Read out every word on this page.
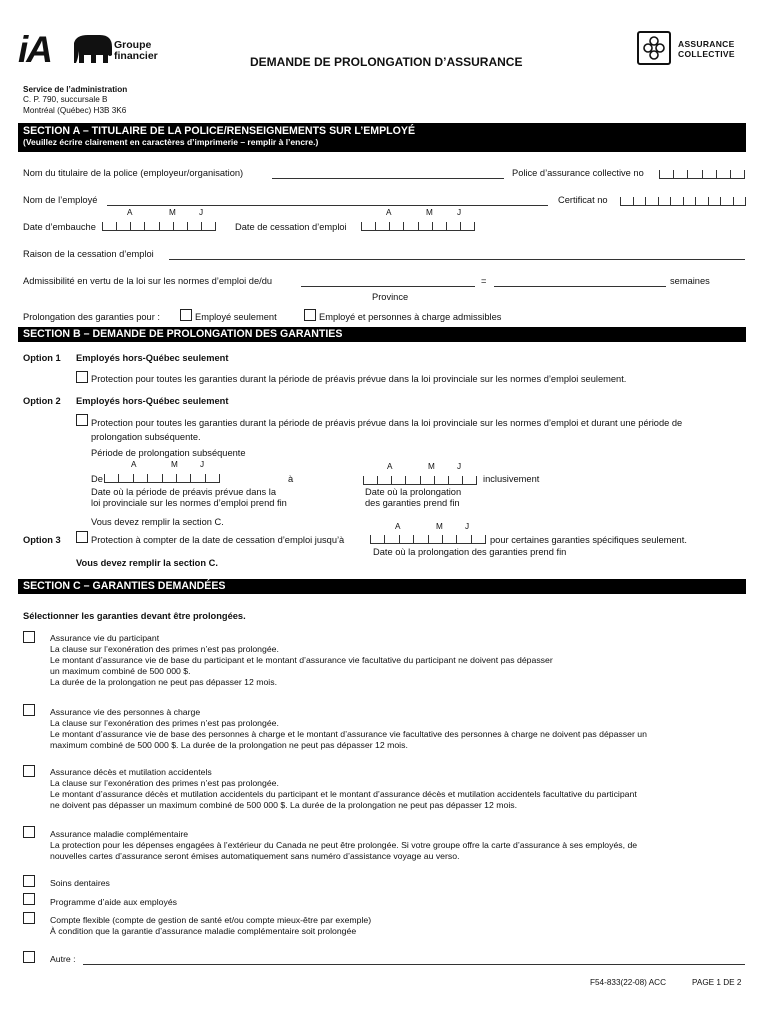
iA	Groupe
financier	DEMANDE DE PROLONGATION D’ASSURANCE
ASSURANCE
COLLECTIVE
Service de l’administration
C. P. 790, succursale B
Montréal (Québec) H3B 3K6
SECTION A – TITULAIRE DE LA POLICE/RENSEIGNEMENTS SUR L’EMPLOYÉ
(Veuillez écrire clairement en caractères d’imprimerie – remplir à l’encre.)
Nom du titulaire de la police (employeur/organisation)	Police d’assurance collective no
Nom de l’employé	Certificat no
A	M	J
Date d’embauche	Date de cessation d’emploi
A	M	J
Raison de la cessation d’emploi
Admissibilité en vertu de la loi sur les normes d’emploi de/du	=	semaines
Province
Prolongation des garanties pour :	Employé seulement	Employé et personnes à charge admissibles
SECTION B – DEMANDE DE PROLONGATION DES GARANTIES
Option 1 Employés hors-Québec seulement
Protection pour toutes les garanties durant la période de préavis prévue dans la loi provinciale sur les normes d’emploi seulement.
Option 2 Employés hors-Québec seulement
Protection pour toutes les garanties durant la période de préavis prévue dans la loi provinciale sur les normes d’emploi et durant une période de
prolongation subséquente.
Période de prolongation subséquente
A	M	J
De	à
A	M	J
inclusivement
Date où la période de préavis prévue dans la
loi provinciale sur les normes d’emploi prend fin
Date où la prolongation
des garanties prend fin
Vous devez remplir la section C.	A	M	J
Option 3	Protection à compter de la date de cessation d’emploi jusqu’à	pour certaines garanties spécifiques seulement.
Date où la prolongation des garanties prend fin
Vous devez remplir la section C.
SECTION C – GARANTIES DEMANDÉES
Sélectionner les garanties devant être prolongées.
Assurance vie du participant
La clause sur l’exonération des primes n’est pas prolongée.
Le montant d’assurance vie de base du participant et le montant d’assurance vie facultative du participant ne doivent pas dépasser
un maximum combiné de 500 000 $.
La durée de la prolongation ne peut pas dépasser 12 mois.
Assurance vie des personnes à charge
La clause sur l’exonération des primes n’est pas prolongée.
Le montant d’assurance vie de base des personnes à charge et le montant d’assurance vie facultative des personnes à charge ne doivent pas dépasser un
maximum combiné de 500 000 $. La durée de la prolongation ne peut pas dépasser 12 mois.
Assurance décès et mutilation accidentels
La clause sur l’exonération des primes n’est pas prolongée.
Le montant d’assurance décès et mutilation accidentels du participant et le montant d’assurance décès et mutilation accidentels facultative du participant
ne doivent pas dépasser un maximum combiné de 500 000 $. La durée de la prolongation ne peut pas dépasser 12 mois.
Assurance maladie complémentaire
La protection pour les dépenses engagées à l’extérieur du Canada ne peut être prolongée. Si votre groupe offre la carte d’assurance à ses employés, de
nouvelles cartes d’assurance seront émises automatiquement sans numéro d’assistance voyage au verso.
Soins dentaires
Programme d’aide aux employés
Compte flexible (compte de gestion de santé et/ou compte mieux-être par exemple)
À condition que la garantie d’assurance maladie complémentaire soit prolongée
Autre :
F54-833(22-08) ACC	PAGE 1 DE 2
